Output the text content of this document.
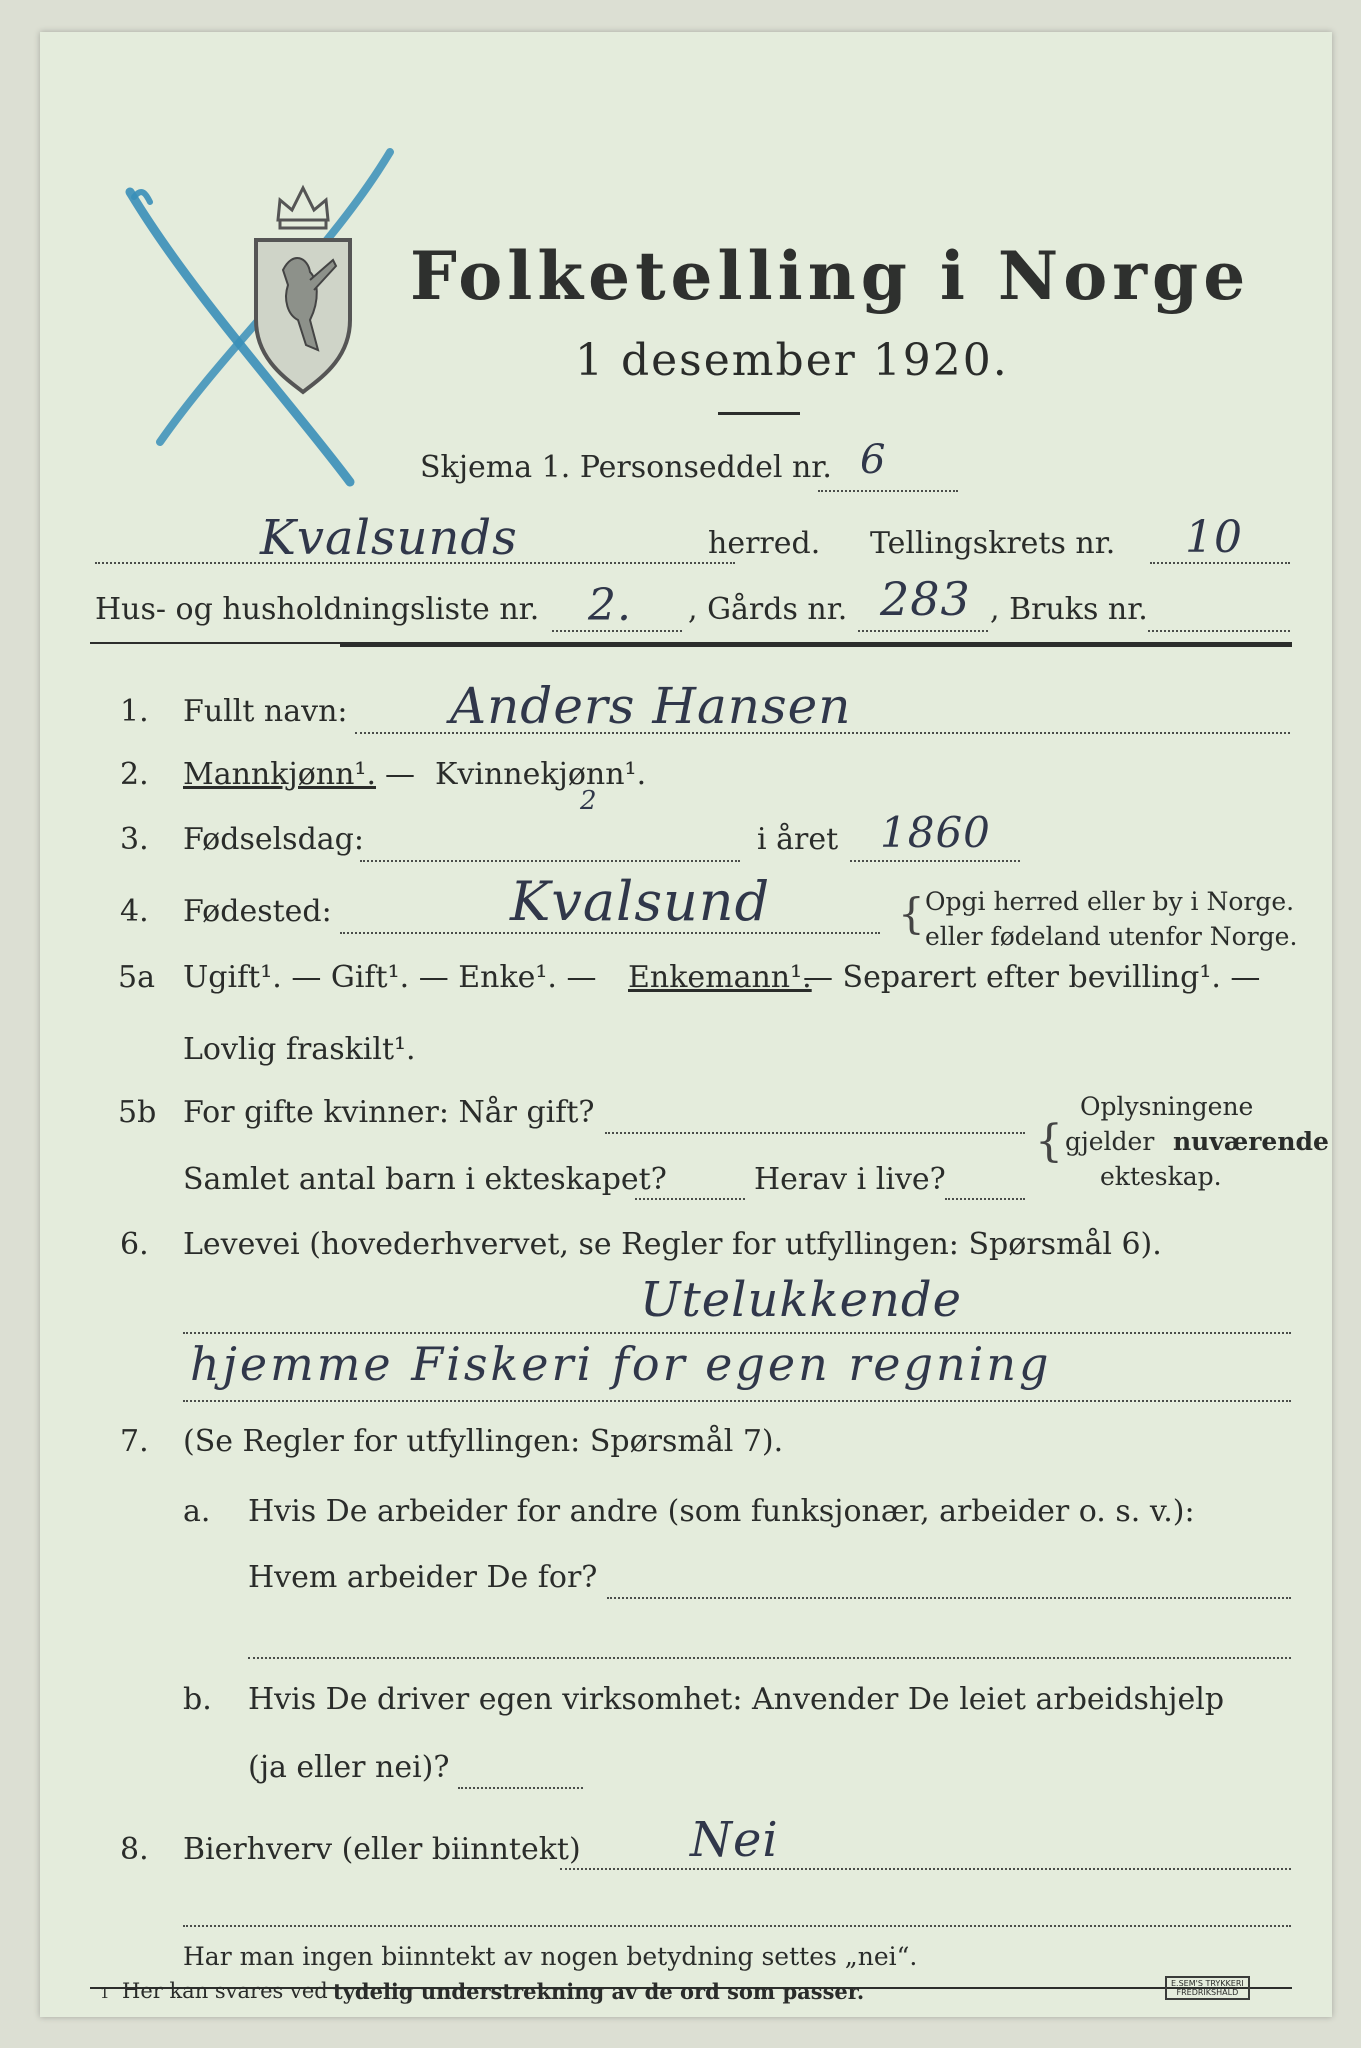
Folketelling i Norge
1 desember 1920.
Skjema 1. Personseddel nr. 6
Kvalsunds	herred. Tellingskrets nr. 10
Hus- og husholdningsliste nr. 2. , Gårds nr. 283 , Bruks nr.
1. Fullt navn: Anders Hansen
2. Mannkjønn¹. — Kvinnekjønn¹.
2
3. Fødselsdag:	i året 1860
4. Fødested:	Kvalsund	{ Opgi herred eller by i Norge.
eller fødeland utenfor Norge.
5a Ugift¹. — Gift¹. — Enke¹. — Enkemann¹.
— Separert efter bevilling¹. —
Lovlig fraskilt¹.
5b For gifte kvinner: Når gift?
Samlet antal barn i ekteskapet?	Herav i live?
{
Oplysningene
gjelder nuværende
ekteskap.
6. Levevei (hovederhvervet, se Regler for utfyllingen: Spørsmål 6).
Utelukkende
hjemme Fiskeri for egen regning
7. (Se Regler for utfyllingen: Spørsmål 7).
a. Hvis De arbeider for andre (som funksjonær, arbeider o. s. v.):
Hvem arbeider De for?
b. Hvis De driver egen virksomhet: Anvender De leiet arbeidshjelp
(ja eller nei)?
8. Bierhverv (eller biinntekt) Nei
Har man ingen biinntekt av nogen betydning settes „nei“.
1 Her kan svares ved tydelig understrekning av de ord som passer.	E.SEM'S TRYKKERI
FREDRIKSHALD
